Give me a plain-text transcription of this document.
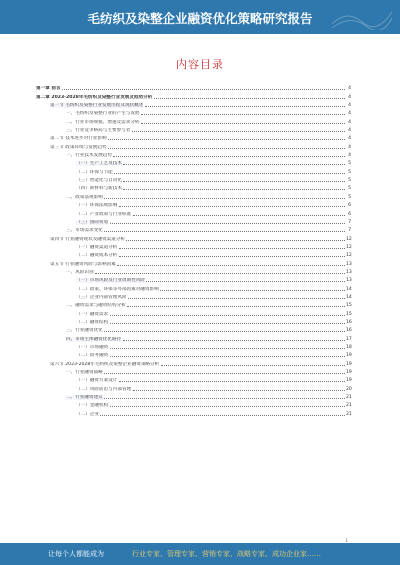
毛纺织及染整企业融资优化策略研究报告
内容目录
第一章 前言	4
第二章 2023-2028年毛纺织及染整行业发展及趋势分析	4
第一节 毛纺织及染整行业发展历程及现状概述	4
一、毛纺织及染整行业的产生与发展	4
二、行业市场规模、增速及需求分析	4
三、行业竞争格局与主要参与者	4
第二节 技术进步对行业影响	4
第三节 政策环境与发展趋势	4
一、行业技术发展趋势	4
（一）生产工艺及技术	5
（二）环保与节能	5
（三）智能化与自动化	5
（四）新材料与新技术	5
二、政策法规影响	5
（一）环保法规影响	6
（二）产业政策与行业标准	6
（三）国际贸易	7
三、市场需求变化	7
第四节 行业融资现状及融资渠道分析	12
（一）融资渠道分析	12
（二）融资成本分析	12
第五节 行业融资风险与影响因素	13
一、风险识别	13
（一）市场风险及行业周期性风险	13
（二）政策、环保等外部因素对融资影响	14
（三）企业内部管理风险	14
二、融资需求与融资结构分析	15
（一）融资需求	15
（二）融资结构	16
三、行业融资优化	16
四、市场主体融资优化路径	17
（一）市场融资	18
（二）债务融资	19
第六节 2023-2028年毛纺织及染整企业融资策略分析	19
一、行业融资战略	19
（一）融资方案设计	19
（二）风险防范与内部管理	20
二、行业融资建议	21
（一）金融机构	21
（二）企业	21
1
让每个人都能成为	行业专家、管理专家、营销专家、战略专家、成功企业家……
